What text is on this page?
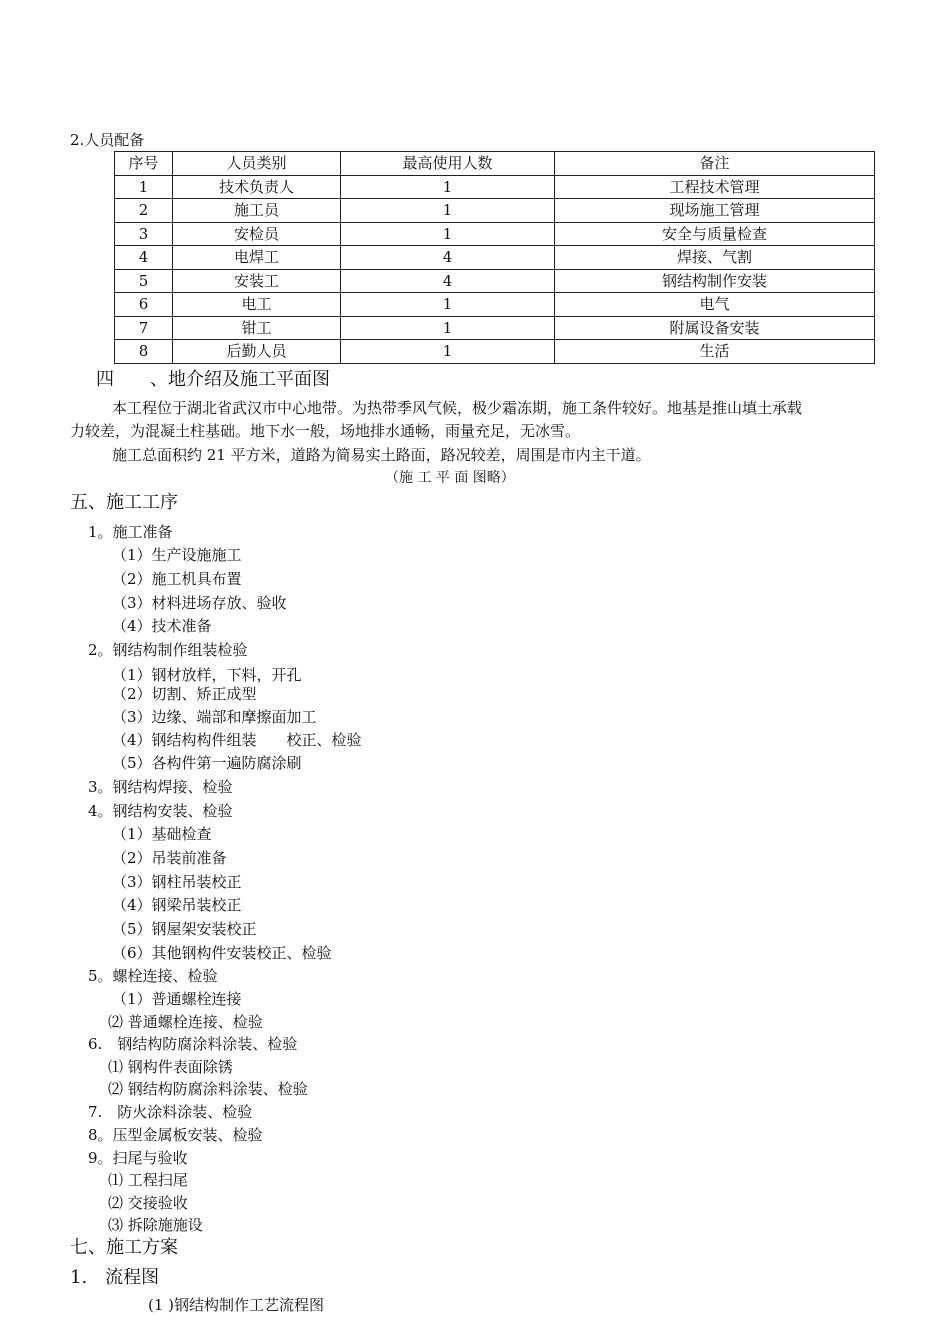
2.人员配备
序号	人员类别	最高使用人数	备注
1	技术负责人	1	工程技术管理
2	施工员	1	现场施工管理
3	安检员	1	安全与质量检查
4	电焊工	4	焊接、气割
5	安装工	4	钢结构制作安装
6	电工	1	电气
7	钳工	1	附属设备安装
8	后勤人员	1	生活
四 、地介绍及施工平面图
本工程位于湖北省武汉市中心地带。为热带季风气候，极少霜冻期，施工条件较好。地基是推山填土承载
力较差，为混凝土柱基础。地下水一般，场地排水通畅，雨量充足，无冰雪。
施工总面积约 21 平方米，道路为简易实土路面，路况较差，周围是市内主干道。
（施 工 平 面 图略）
五、施工工序
1。施工准备
（1）生产设施施工
（2）施工机具布置
（3）材料进场存放、验收
（4）技术准备
2。钢结构制作组装检验
（1）钢材放样，下料，开孔
（2）切割、矫正成型
（3）边缘、端部和摩擦面加工
（4）钢结构构件组装　　校正、检验
（5）各构件第一遍防腐涂刷
3。钢结构焊接、检验
4。钢结构安装、检验
（1）基础检查
（2）吊装前准备
（3）钢柱吊装校正
（4）钢梁吊装校正
（5）钢屋架安装校正
（6）其他钢构件安装校正、检验
5。螺栓连接、检验
（1）普通螺栓连接
⑵ 普通螺栓连接、检验
6.　钢结构防腐涂料涂装、检验
⑴ 钢构件表面除锈
⑵ 钢结构防腐涂料涂装、检验
7.　防火涂料涂装、检验
8。压型金属板安装、检验
9。扫尾与验收
⑴ 工程扫尾
⑵ 交接验收
⑶ 拆除施施设
七、施工方案
1.　流程图
(1 )钢结构制作工艺流程图
